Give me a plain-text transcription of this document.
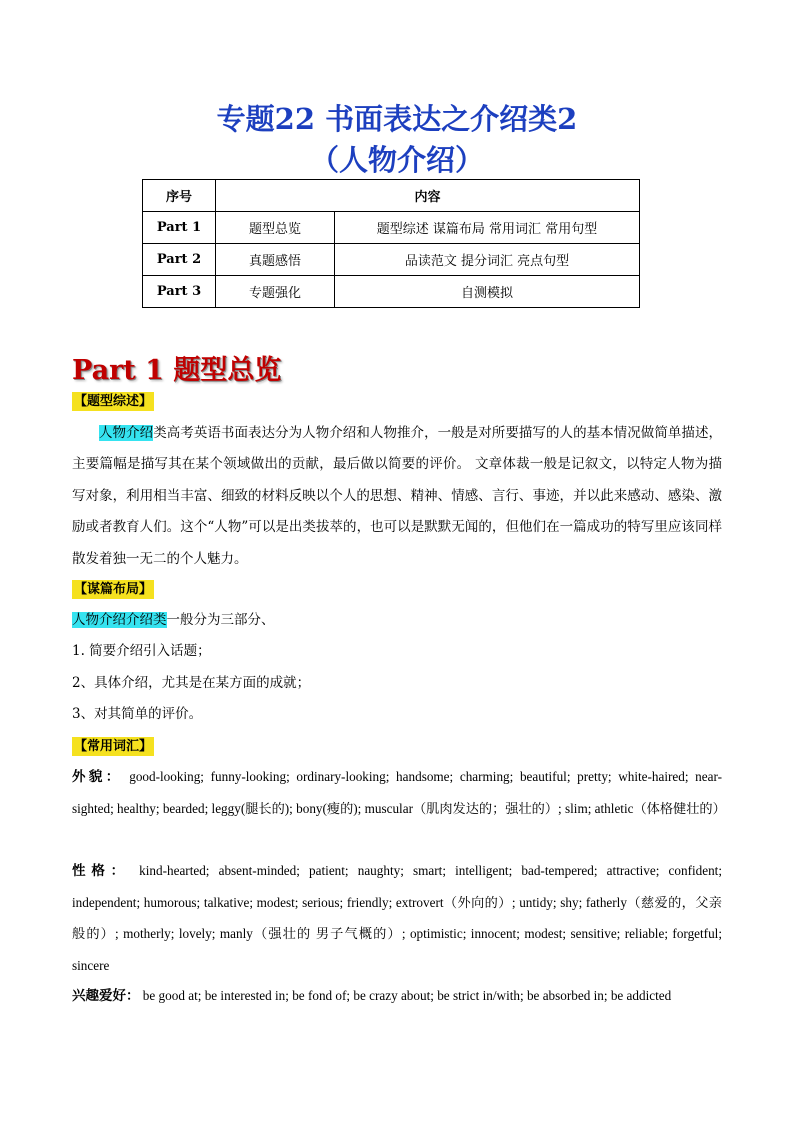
专题22 书面表达之介绍类2
（人物介绍）
序号	内容	
Part 1	题型总览	题型综述 谋篇布局 常用词汇 常用句型
Part 2	真题感悟	品读范文 提分词汇 亮点句型
Part 3	专题强化	自测模拟
Part 1 题型总览
【题型综述】
人物介绍类高考英语书面表达分为人物介绍和人物推介，一般是对所要描写的人的基本情况做简单描述，主要篇幅是描写其在某个领域做出的贡献，最后做以简要的评价。 文章体裁一般是记叙文，以特定人物为描写对象，利用相当丰富、细致的材料反映以个人的思想、精神、情感、言行、事迹，并以此来感动、感染、激励或者教育人们。这个“人物”可以是出类拔萃的，也可以是默默无闻的，但他们在一篇成功的特写里应该同样散发着独一无二的个人魅力。
【谋篇布局】
人物介绍介绍类一般分为三部分、
1. 简要介绍引入话题；
2、具体介绍，尤其是在某方面的成就；
3、对其简单的评价。
【常用词汇】
外貌： good-looking; funny-looking; ordinary-looking; handsome; charming; beautiful; pretty; white-haired; near-sighted; healthy; bearded; leggy(腿长的); bony(瘦的); muscular（肌肉发达的；强壮的）; slim; athletic（体格健壮的）
性格： kind-hearted; absent-minded; patient; naughty; smart; intelligent; bad-tempered; attractive; confident; independent; humorous; talkative; modest; serious; friendly; extrovert（外向的）; untidy; shy; fatherly（慈爱的，父亲般的）; motherly; lovely; manly（强壮的 男子气概的）; optimistic; innocent; modest; sensitive; reliable; forgetful; sincere
兴趣爱好： be good at; be interested in; be fond of; be crazy about; be strict in/with; be absorbed in; be addicted
